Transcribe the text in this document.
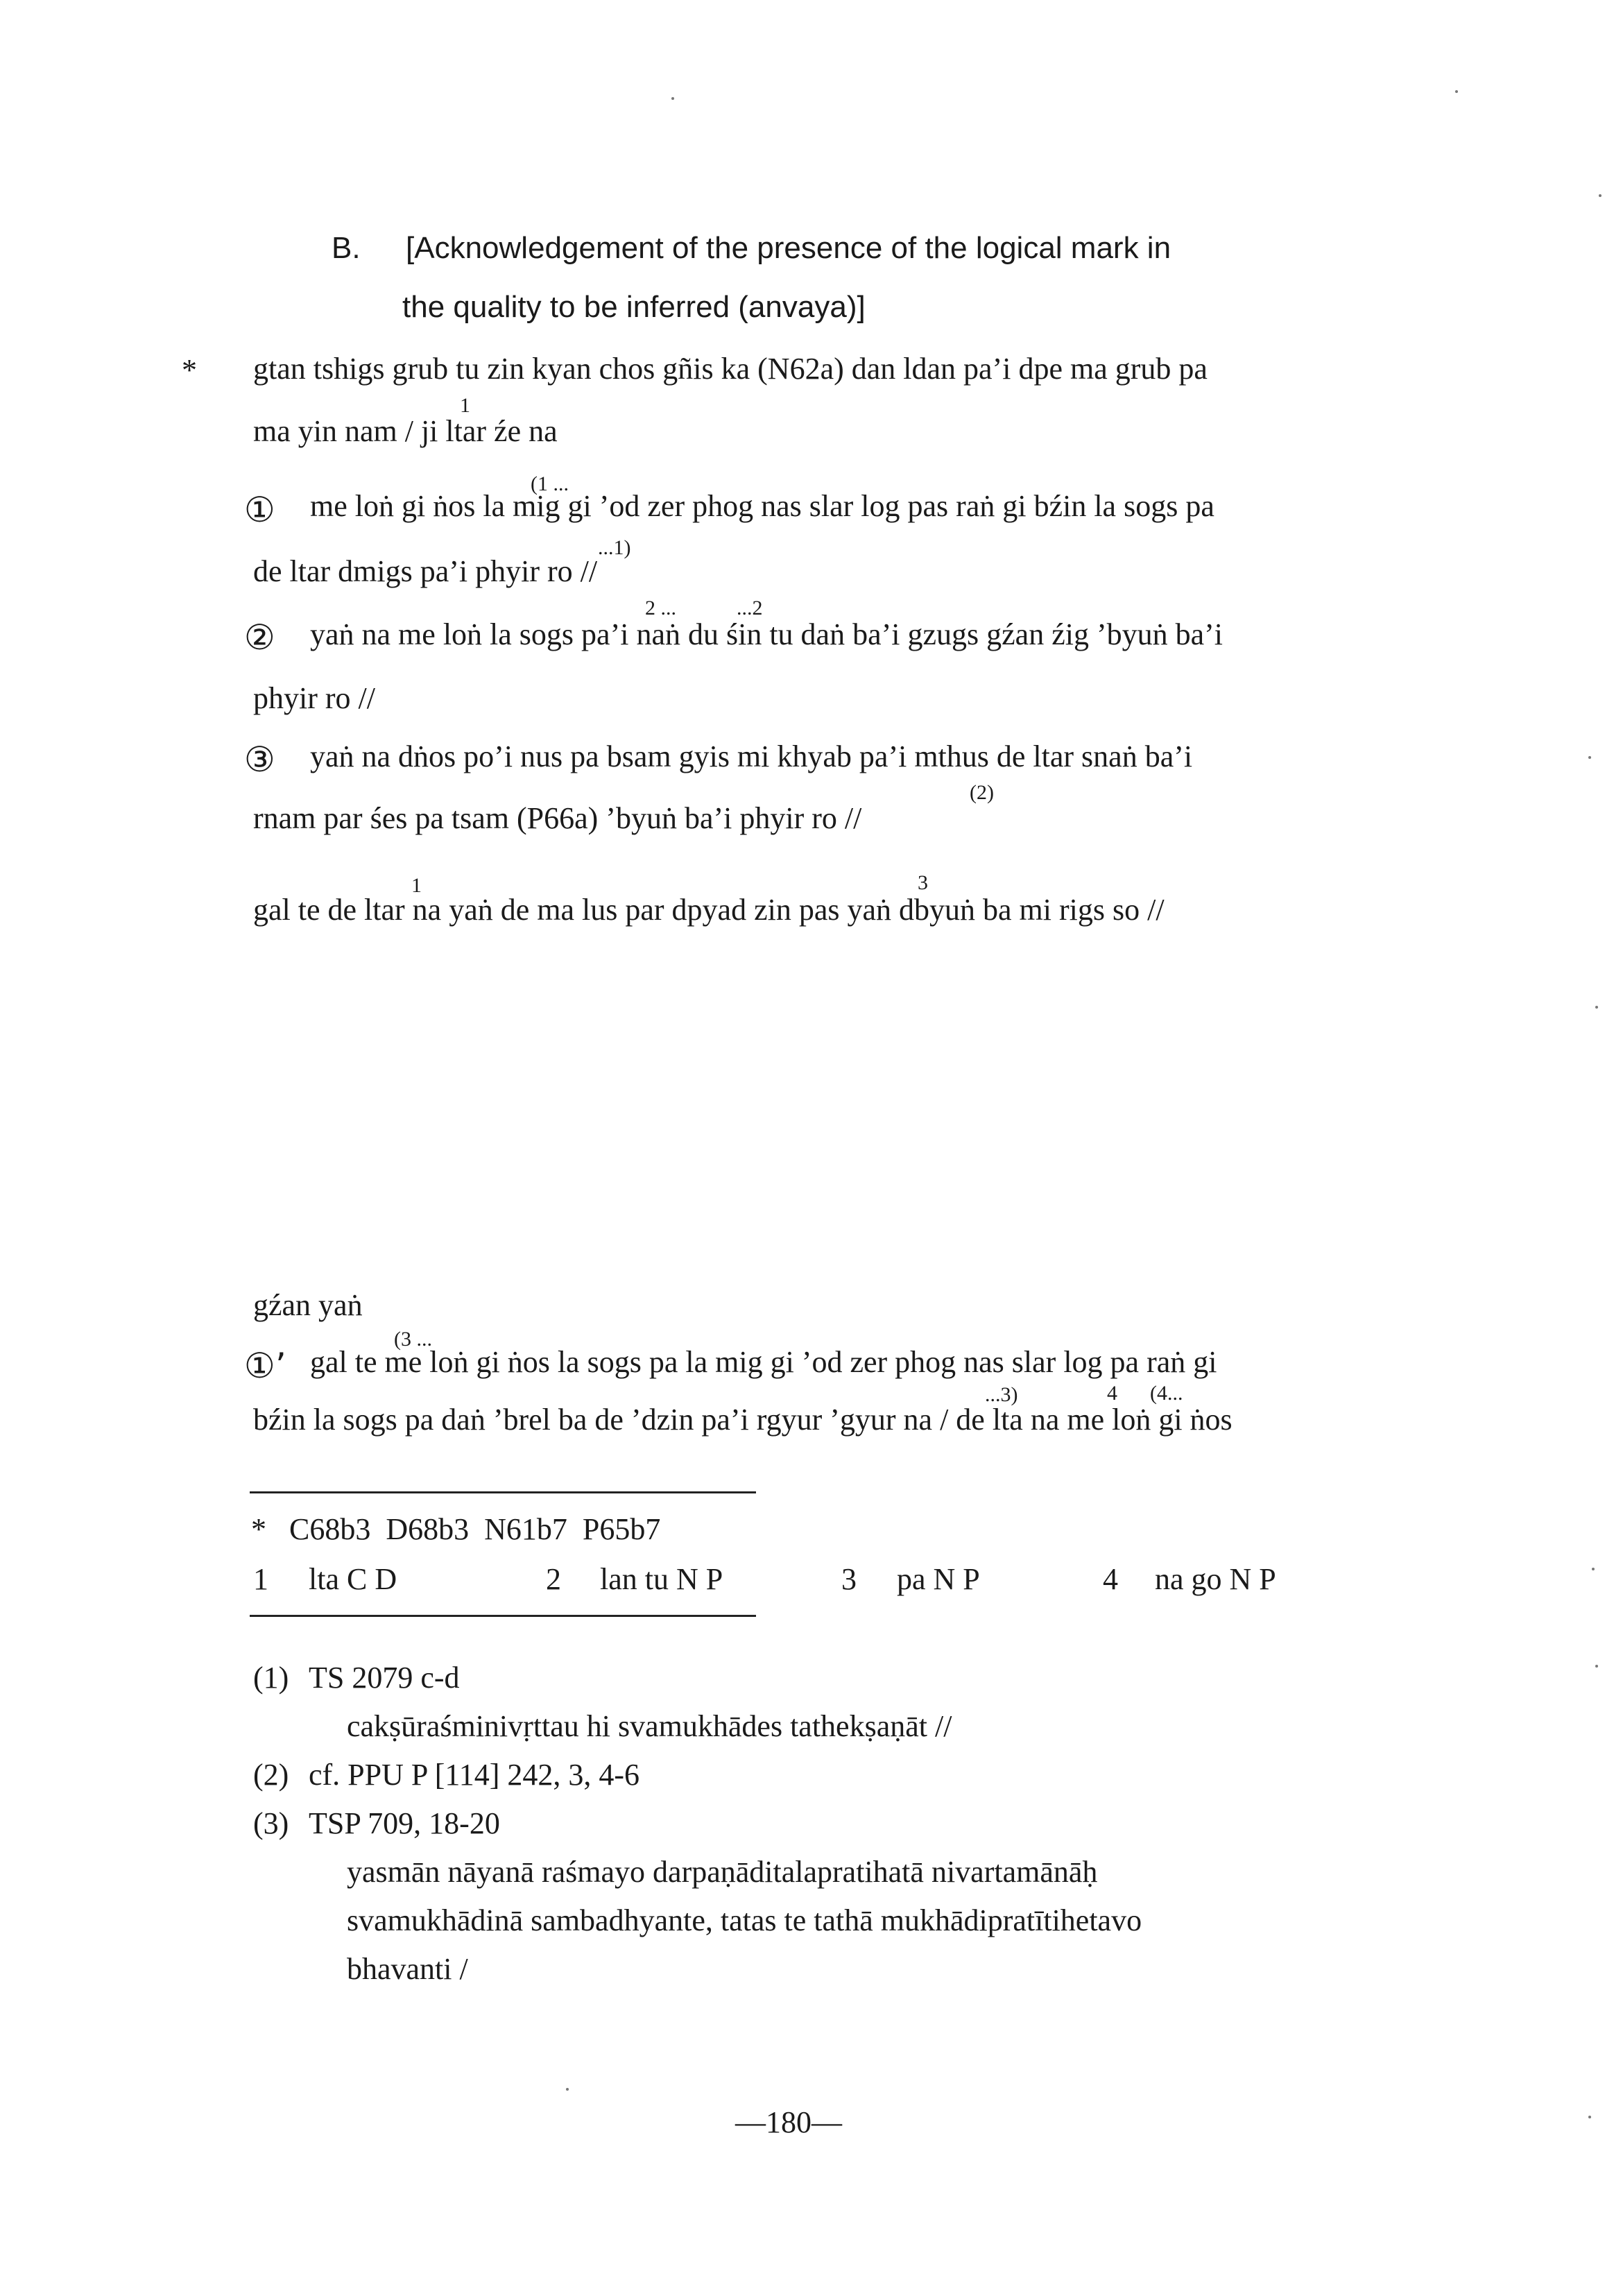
B. [Acknowledgement of the presence of the logical mark in
the quality to be inferred (anvaya)]
* gtan tshigs grub tu zin kyan chos gñis ka (N62a) dan ldan pa’i dpe ma grub pa
1
ma yin nam / ji ltar źe na
(1 ...
① me loṅ gi ṅos la mig gi ’od zer phog nas slar log pas raṅ gi bźin la sogs pa
...1)
de ltar dmigs pa’i phyir ro //
2 ...	...2
② yaṅ na me loṅ la sogs pa’i naṅ du śin tu daṅ ba’i gzugs gźan źig ’byuṅ ba’i
phyir ro //
③ yaṅ na dṅos po’i nus pa bsam gyis mi khyab pa’i mthus de ltar snaṅ ba’i
(2)
rnam par śes pa tsam (P66a) ’byuṅ ba’i phyir ro //
1	3
gal te de ltar na yaṅ de ma lus par dpyad zin pas yaṅ dbyuṅ ba mi rigs so //
gźan yaṅ
(3 ...
①’ gal te me loṅ gi ṅos la sogs pa la mig gi ’od zer phog nas slar log pa raṅ gi
...3)	4 (4...
bźin la sogs pa daṅ ’brel ba de ’dzin pa’i rgyur ’gyur na / de lta na me loṅ gi ṅos
*   C68b3  D68b3  N61b7  P65b7
1 lta C D	2 lan tu N P	3 pa N P	4 na go N P
(1) TS 2079 c-d
cakṣūraśminivṛttau hi svamukhādes tathekṣaṇāt //
(2) cf. PPU P [114] 242, 3, 4-6
(3) TSP 709, 18-20
yasmān nāyanā raśmayo darpaṇāditalapratihatā nivartamānāḥ
svamukhādinā sambadhyante, tatas te tathā mukhādipratītihetavo
bhavanti /
—180—
